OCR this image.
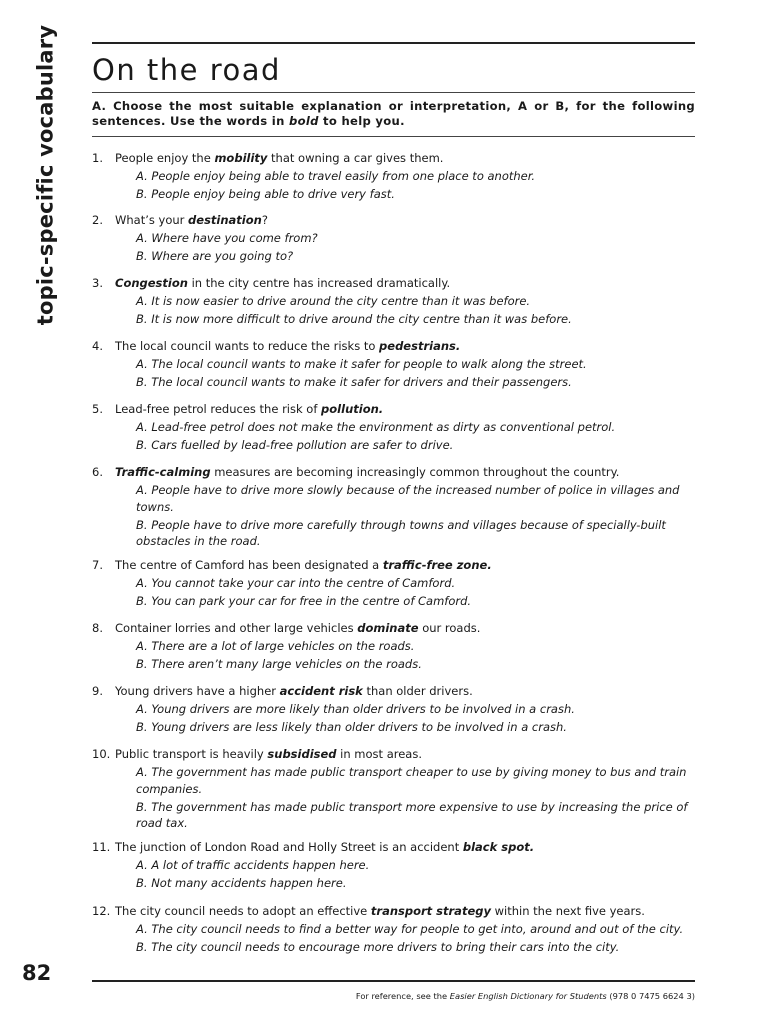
topic-specific vocabulary On the road
A. Choose the most suitable explanation or interpretation, A or B, for the following sentences. Use the words in bold to help you.
1.	People enjoy the mobility that owning a car gives them.
A. People enjoy being able to travel easily from one place to another.
B. People enjoy being able to drive very fast.
2.	What’s your destination?
A. Where have you come from?
B. Where are you going to?
3.	Congestion in the city centre has increased dramatically.
A. It is now easier to drive around the city centre than it was before.
B. It is now more difficult to drive around the city centre than it was before.
4.	The local council wants to reduce the risks to pedestrians.
A. The local council wants to make it safer for people to walk along the street.
B. The local council wants to make it safer for drivers and their passengers.
5.	Lead-free petrol reduces the risk of pollution.
A. Lead-free petrol does not make the environment as dirty as conventional petrol.
B. Cars fuelled by lead-free pollution are safer to drive.
6.	Traffic-calming measures are becoming increasingly common throughout the country.
A. People have to drive more slowly because of the increased number of police in villages and towns.
B. People have to drive more carefully through towns and villages because of specially-built obstacles in the road.
7.	The centre of Camford has been designated a traffic-free zone.
A. You cannot take your car into the centre of Camford.
B. You can park your car for free in the centre of Camford.
8.	Container lorries and other large vehicles dominate our roads.
A. There are a lot of large vehicles on the roads.
B. There aren’t many large vehicles on the roads.
9.	Young drivers have a higher accident risk than older drivers.
A. Young drivers are more likely than older drivers to be involved in a crash.
B. Young drivers are less likely than older drivers to be involved in a crash.
10. Public transport is heavily subsidised in most areas.
A. The government has made public transport cheaper to use by giving money to bus and train companies.
B. The government has made public transport more expensive to use by increasing the price of road tax.
11. The junction of London Road and Holly Street is an accident black spot.
A. A lot of traffic accidents happen here.
B. Not many accidents happen here.
12. The city council needs to adopt an effective transport strategy within the next five years.
A. The city council needs to find a better way for people to get into, around and out of the city.
B. The city council needs to encourage more drivers to bring their cars into the city.
82
For reference, see the Easier English Dictionary for Students (978 0 7475 6624 3)
